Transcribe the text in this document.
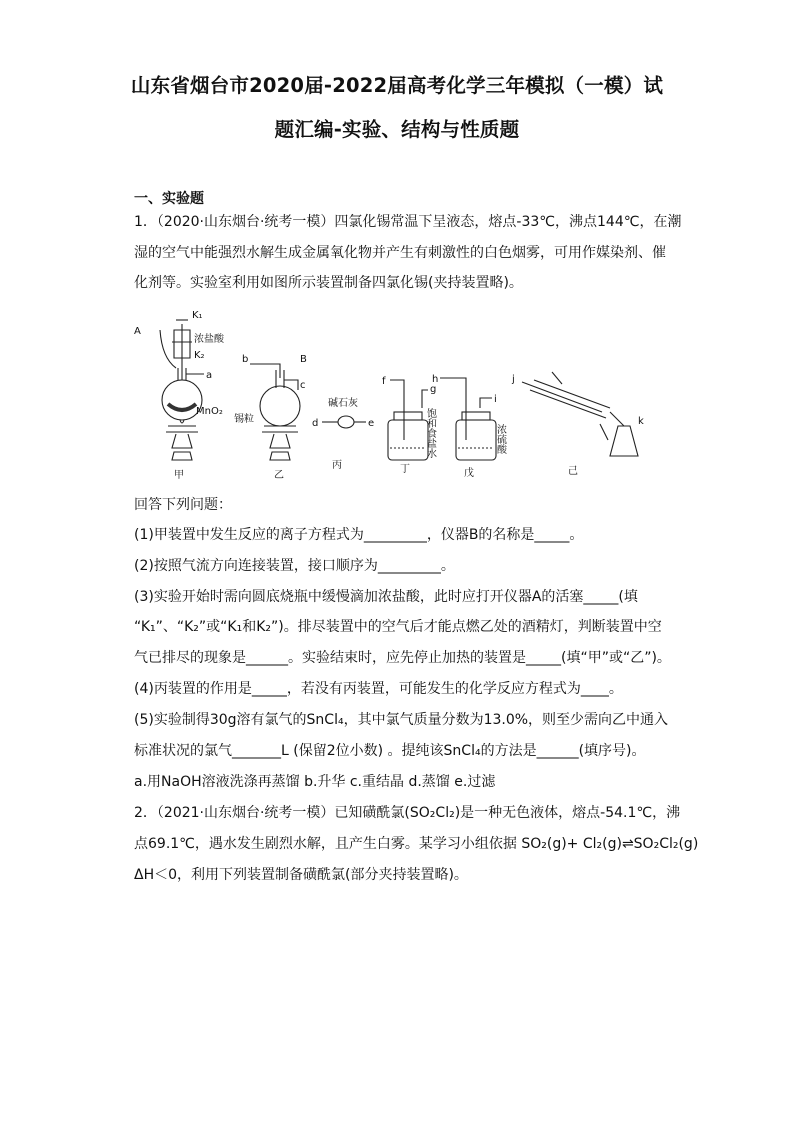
山东省烟台市2020届-2022届高考化学三年模拟（一模）试
题汇编-实验、结构与性质题
一、实验题
1．（2020·山东烟台·统考一模）四氯化锡常温下呈液态，熔点-33℃，沸点144℃，在潮
湿的空气中能强烈水解生成金属氧化物并产生有刺激性的白色烟雾，可用作媒染剂、催
化剂等。实验室利用如图所示装置制备四氯化锡(夹持装置略)。
A
K₁
浓盐酸
K₂
a
MnO₂
甲
b	B
c
锡粒
乙
碱石灰
d	e
丙
f
g
饱和食盐水
丁
h
i
浓硫酸
戊
j
k
己
回答下列问题：
(1)甲装置中发生反应的离子方程式为_________，仪器B的名称是_____。
(2)按照气流方向连接装置，接口顺序为_________。
(3)实验开始时需向圆底烧瓶中缓慢滴加浓盐酸，此时应打开仪器A的活塞_____(填
“K₁”、“K₂”或“K₁和K₂”)。排尽装置中的空气后才能点燃乙处的酒精灯，判断装置中空
气已排尽的现象是______。实验结束时，应先停止加热的装置是_____(填“甲”或“乙”)。
(4)丙装置的作用是_____，若没有丙装置，可能发生的化学反应方程式为____。
(5)实验制得30g溶有氯气的SnCl₄，其中氯气质量分数为13.0%，则至少需向乙中通入
标准状况的氯气_______L (保留2位小数) 。提纯该SnCl₄的方法是______(填序号)。
a.用NaOH溶液洗涤再蒸馏 b.升华 c.重结晶 d.蒸馏 e.过滤
2．（2021·山东烟台·统考一模）已知磺酰氯(SO₂Cl₂)是一种无色液体，熔点-54.1℃，沸
点69.1℃，遇水发生剧烈水解，且产生白雾。某学习小组依据 SO₂(g)+ Cl₂(g)⇌SO₂Cl₂(g)
ΔH＜0，利用下列装置制备磺酰氯(部分夹持装置略)。
